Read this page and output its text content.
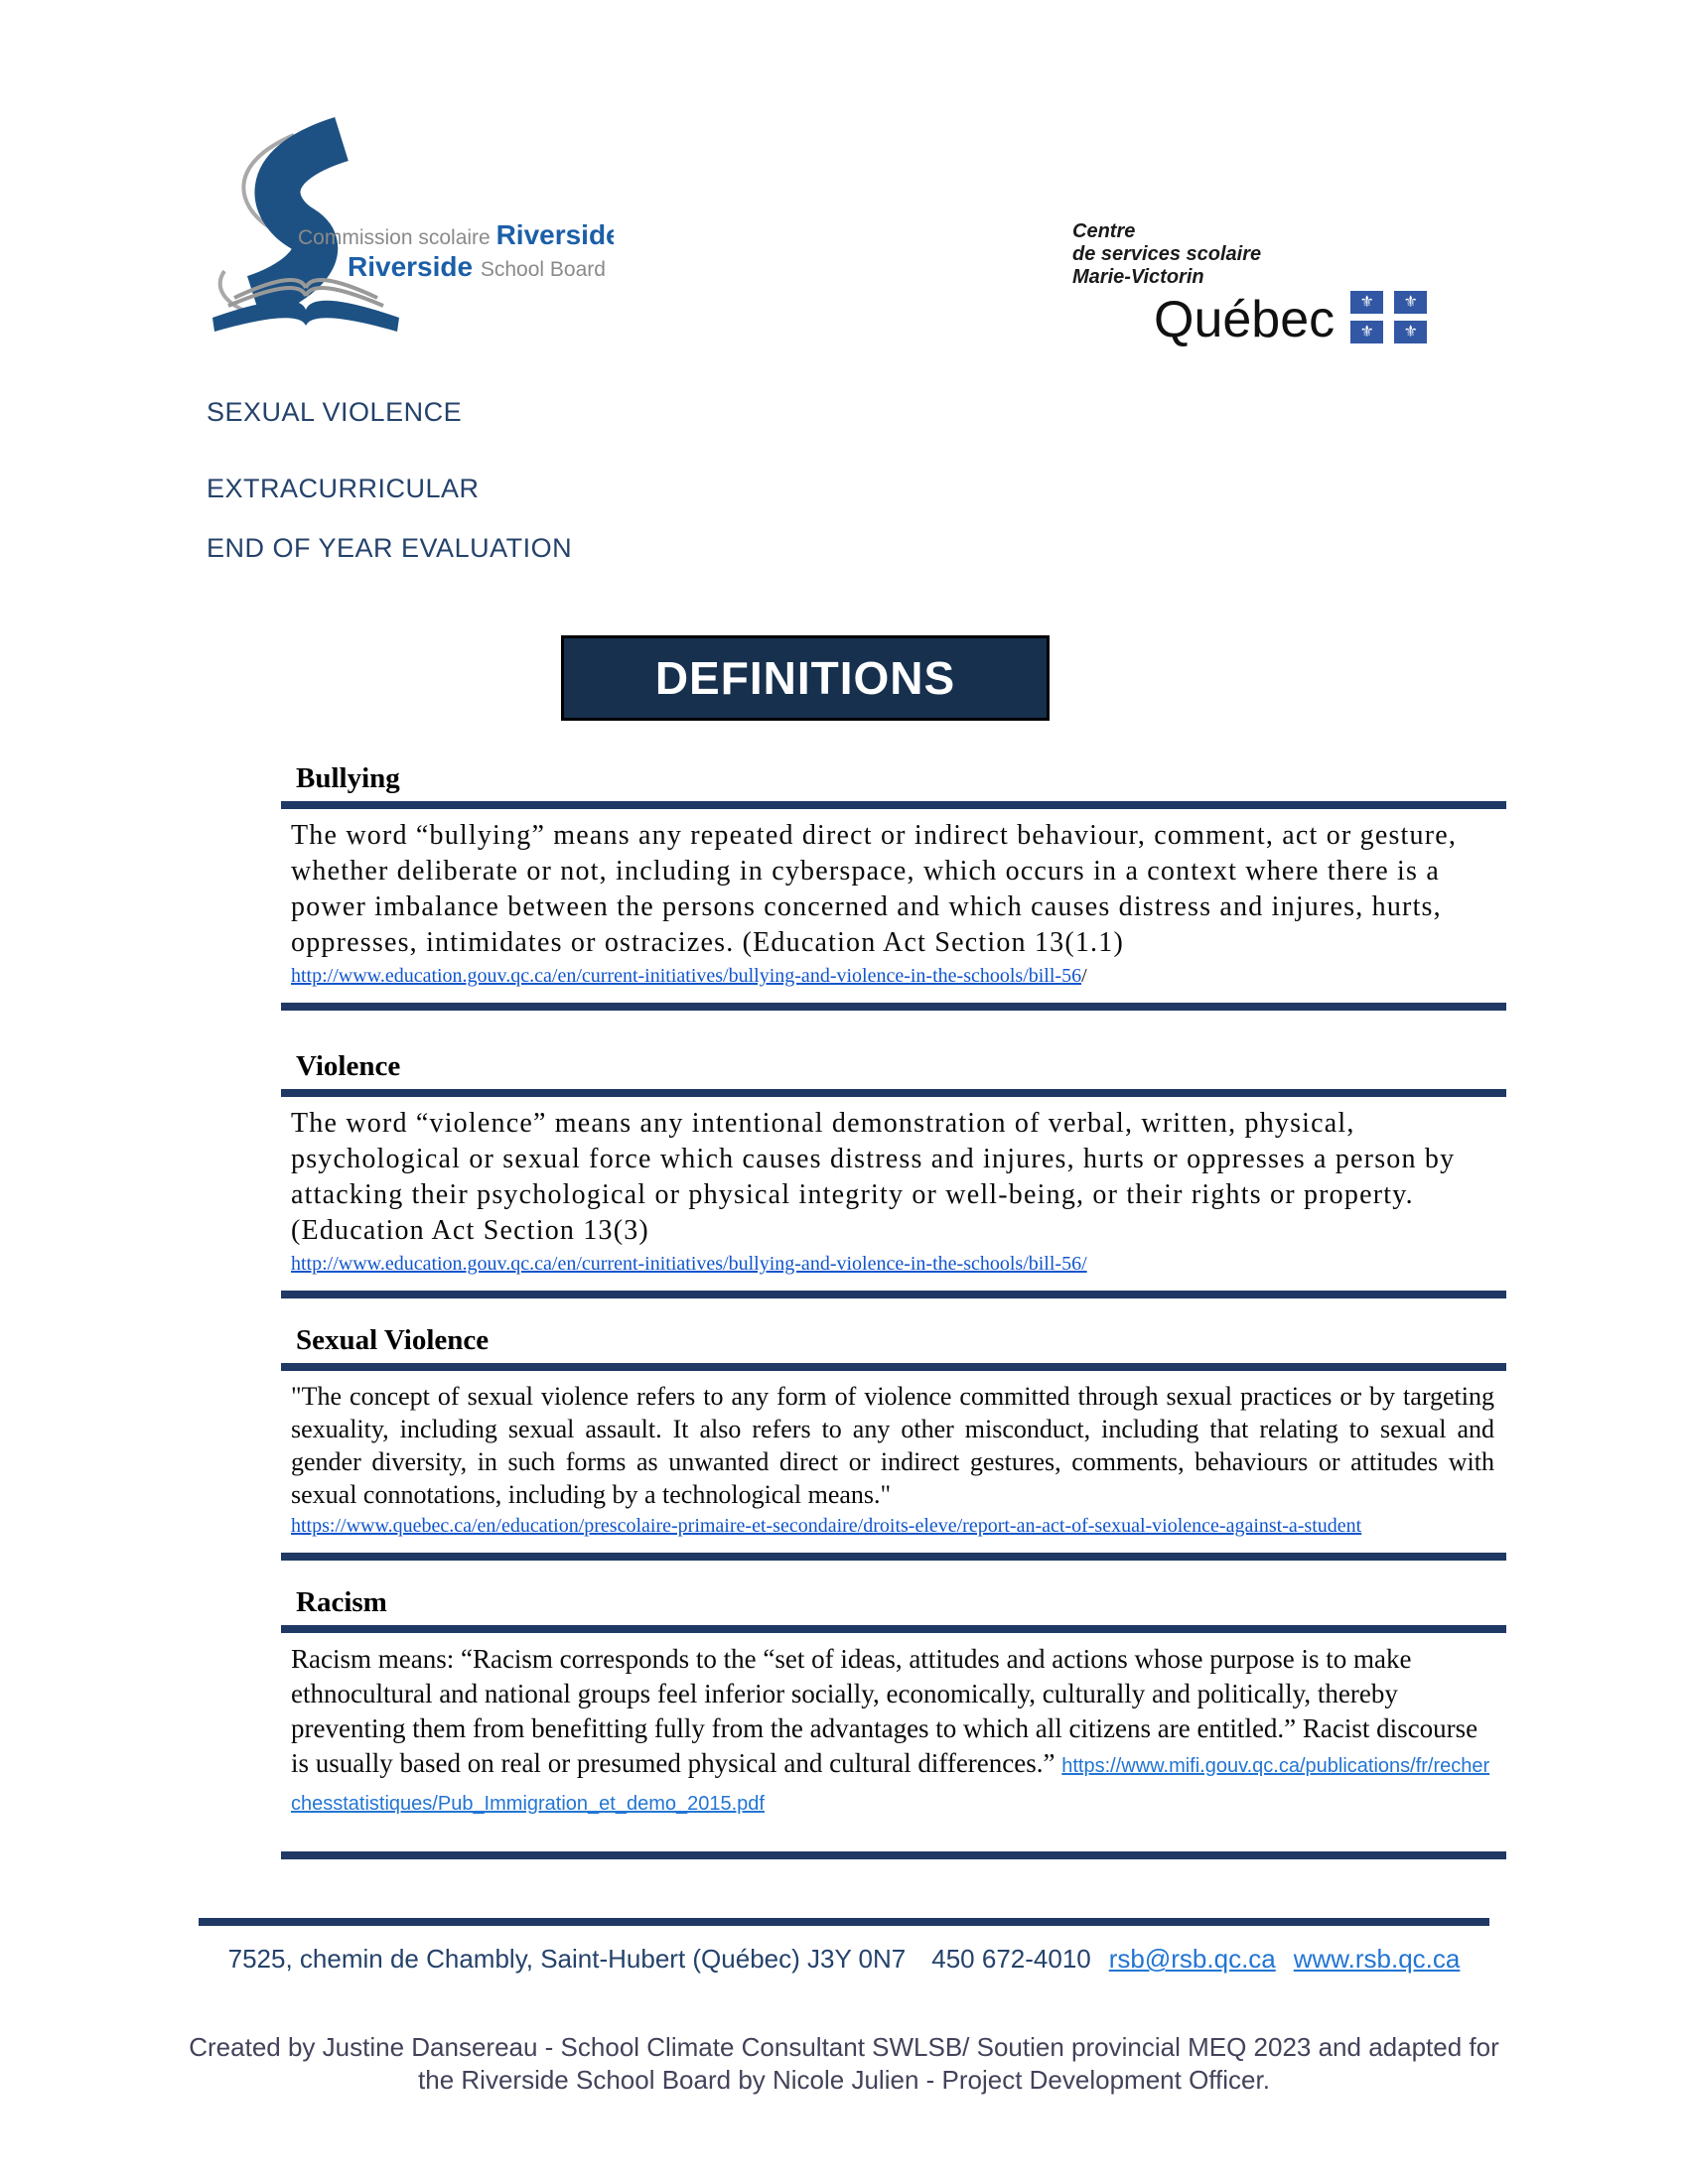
Commission scolaire Riverside
Riverside School Board
Centre
de services scolaire
Marie-Victorin
Québec	⚜	⚜
⚜	⚜
SEXUAL VIOLENCE
EXTRACURRICULAR
END OF YEAR EVALUATION
DEFINITIONS
Bullying
The word “bullying” means any repeated direct or indirect behaviour, comment, act or gesture, whether deliberate or not, including in cyberspace, which occurs in a context where there is a power imbalance between the persons concerned and which causes distress and injures, hurts, oppresses, intimidates or ostracizes. (Education Act Section 13(1.1)
http://www.education.gouv.qc.ca/en/current-initiatives/bullying-and-violence-in-the-schools/bill-56/
Violence
The word “violence” means any intentional demonstration of verbal, written, physical, psychological or sexual force which causes distress and injures, hurts or oppresses a person by attacking their psychological or physical integrity or well-being, or their rights or property. (Education Act Section 13(3)
http://www.education.gouv.qc.ca/en/current-initiatives/bullying-and-violence-in-the-schools/bill-56/
Sexual Violence
"The concept of sexual violence refers to any form of violence committed through sexual practices or by targeting sexuality, including sexual assault. It also refers to any other misconduct, including that relating to sexual and gender diversity, in such forms as unwanted direct or indirect gestures, comments, behaviours or attitudes with sexual connotations, including by a technological means."
https://www.quebec.ca/en/education/prescolaire-primaire-et-secondaire/droits-eleve/report-an-act-of-sexual-violence-against-a-student
Racism
Racism means: “Racism corresponds to the “set of ideas, attitudes and actions whose purpose is to make ethnocultural and national groups feel inferior socially, economically, culturally and politically, thereby preventing them from benefitting fully from the advantages to which all citizens are entitled.” Racist discourse is usually based on real or presumed physical and cultural differences.” https://www.mifi.gouv.qc.ca/publications/fr/recherchesstatistiques/Pub_Immigration_et_demo_2015.pdf
7525, chemin de Chambly, Saint-Hubert (Québec) J3Y 0N7 450 672-4010 rsb@rsb.qc.ca www.rsb.qc.ca
Created by Justine Dansereau - School Climate Consultant SWLSB/ Soutien provincial MEQ 2023 and adapted for the Riverside School Board by Nicole Julien - Project Development Officer.
